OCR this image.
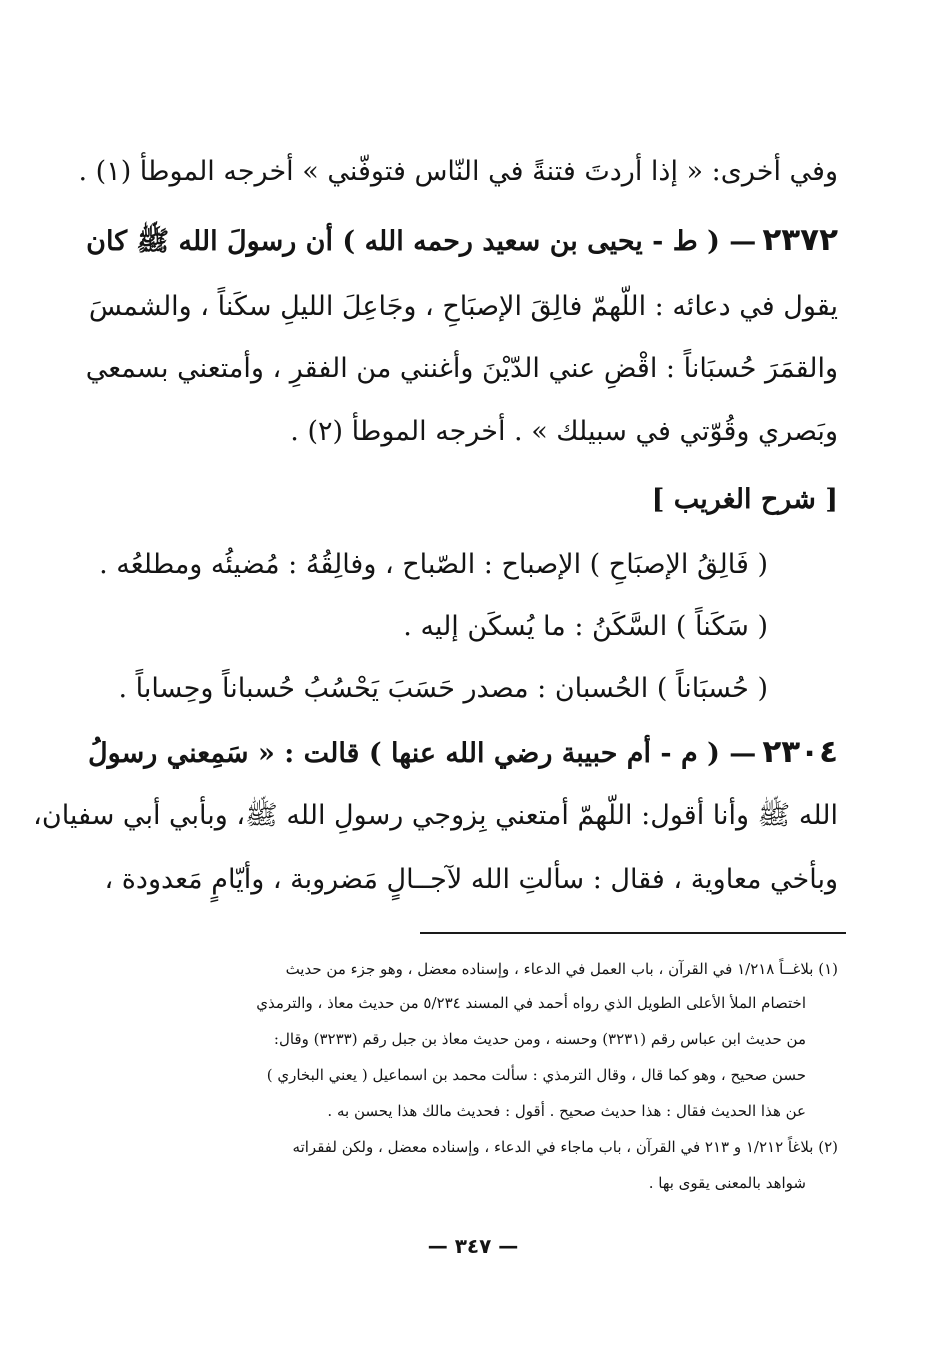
وفي أخرى: « إذا أردتَ فتنةً في النّاس فتوفّني » أخرجه الموطأ (١) .
٢٣٧٢— ( ط - يحيى بن سعيد رحمه الله ) أن رسولَ الله ﷺ كان
يقول في دعائه : اللّهمّ فالِقَ الإصبَاحِ ، وجَاعِلَ الليلِ سكَناً ، والشمسَ
والقمَرَ حُسبَاناً : اقْضِ عني الدّيْنَ وأغنني من الفقرِ ، وأمتعني بسمعي
وبَصري وقُوّتي في سبيلك » . أخرجه الموطأ (٢) .
[ شرح الغريب ]
( فَالِقُ الإصبَاحِ ) الإصباح : الصّباح ، وفالِقُهُ : مُضيئُه ومطلعُه .
( سَكَناً ) السَّكَنُ : ما يُسكَن إليه .
( حُسبَاناً ) الحُسبان : مصدر حَسَبَ يَحْسُبُ حُسباناً وحِساباً .
٢٣٠٤— ( م - أم حبيبة رضي الله عنها ) قالت : « سَمِعني رسولُ
الله ﷺ وأنا أقول: اللّهمّ أمتعني بِزوجي رسولِ الله ﷺ، وبأبي أبي سفيان،
وبأخي معاوية ، فقال : سألتِ الله لآجــالٍ مَضروبة ، وأيّامٍ مَعدودة ،
(١) بلاغــاً ١/٢١٨ في القرآن ، باب العمل في الدعاء ، وإسناده معضل ، وهو جزء من حديث
اختصام الملأ الأعلى الطويل الذي رواه أحمد في المسند ٥/٢٣٤ من حديث معاذ ، والترمذي
من حديث ابن عباس رقم (٣٢٣١) وحسنه ، ومن حديث معاذ بن جبل رقم (٣٢٣٣) وقال:
حسن صحيح ، وهو كما قال ، وقال الترمذي : سألت محمد بن اسماعيل ( يعني البخاري )
عن هذا الحديث فقال : هذا حديث صحيح . أقول : فحديث مالك هذا يحسن به .
(٢) بلاغاً ١/٢١٢ و ٢١٣ في القرآن ، باب ماجاء في الدعاء ، وإسناده معضل ، ولكن لفقراته
شواهد بالمعنى يقوى بها .
— ٣٤٧ —
